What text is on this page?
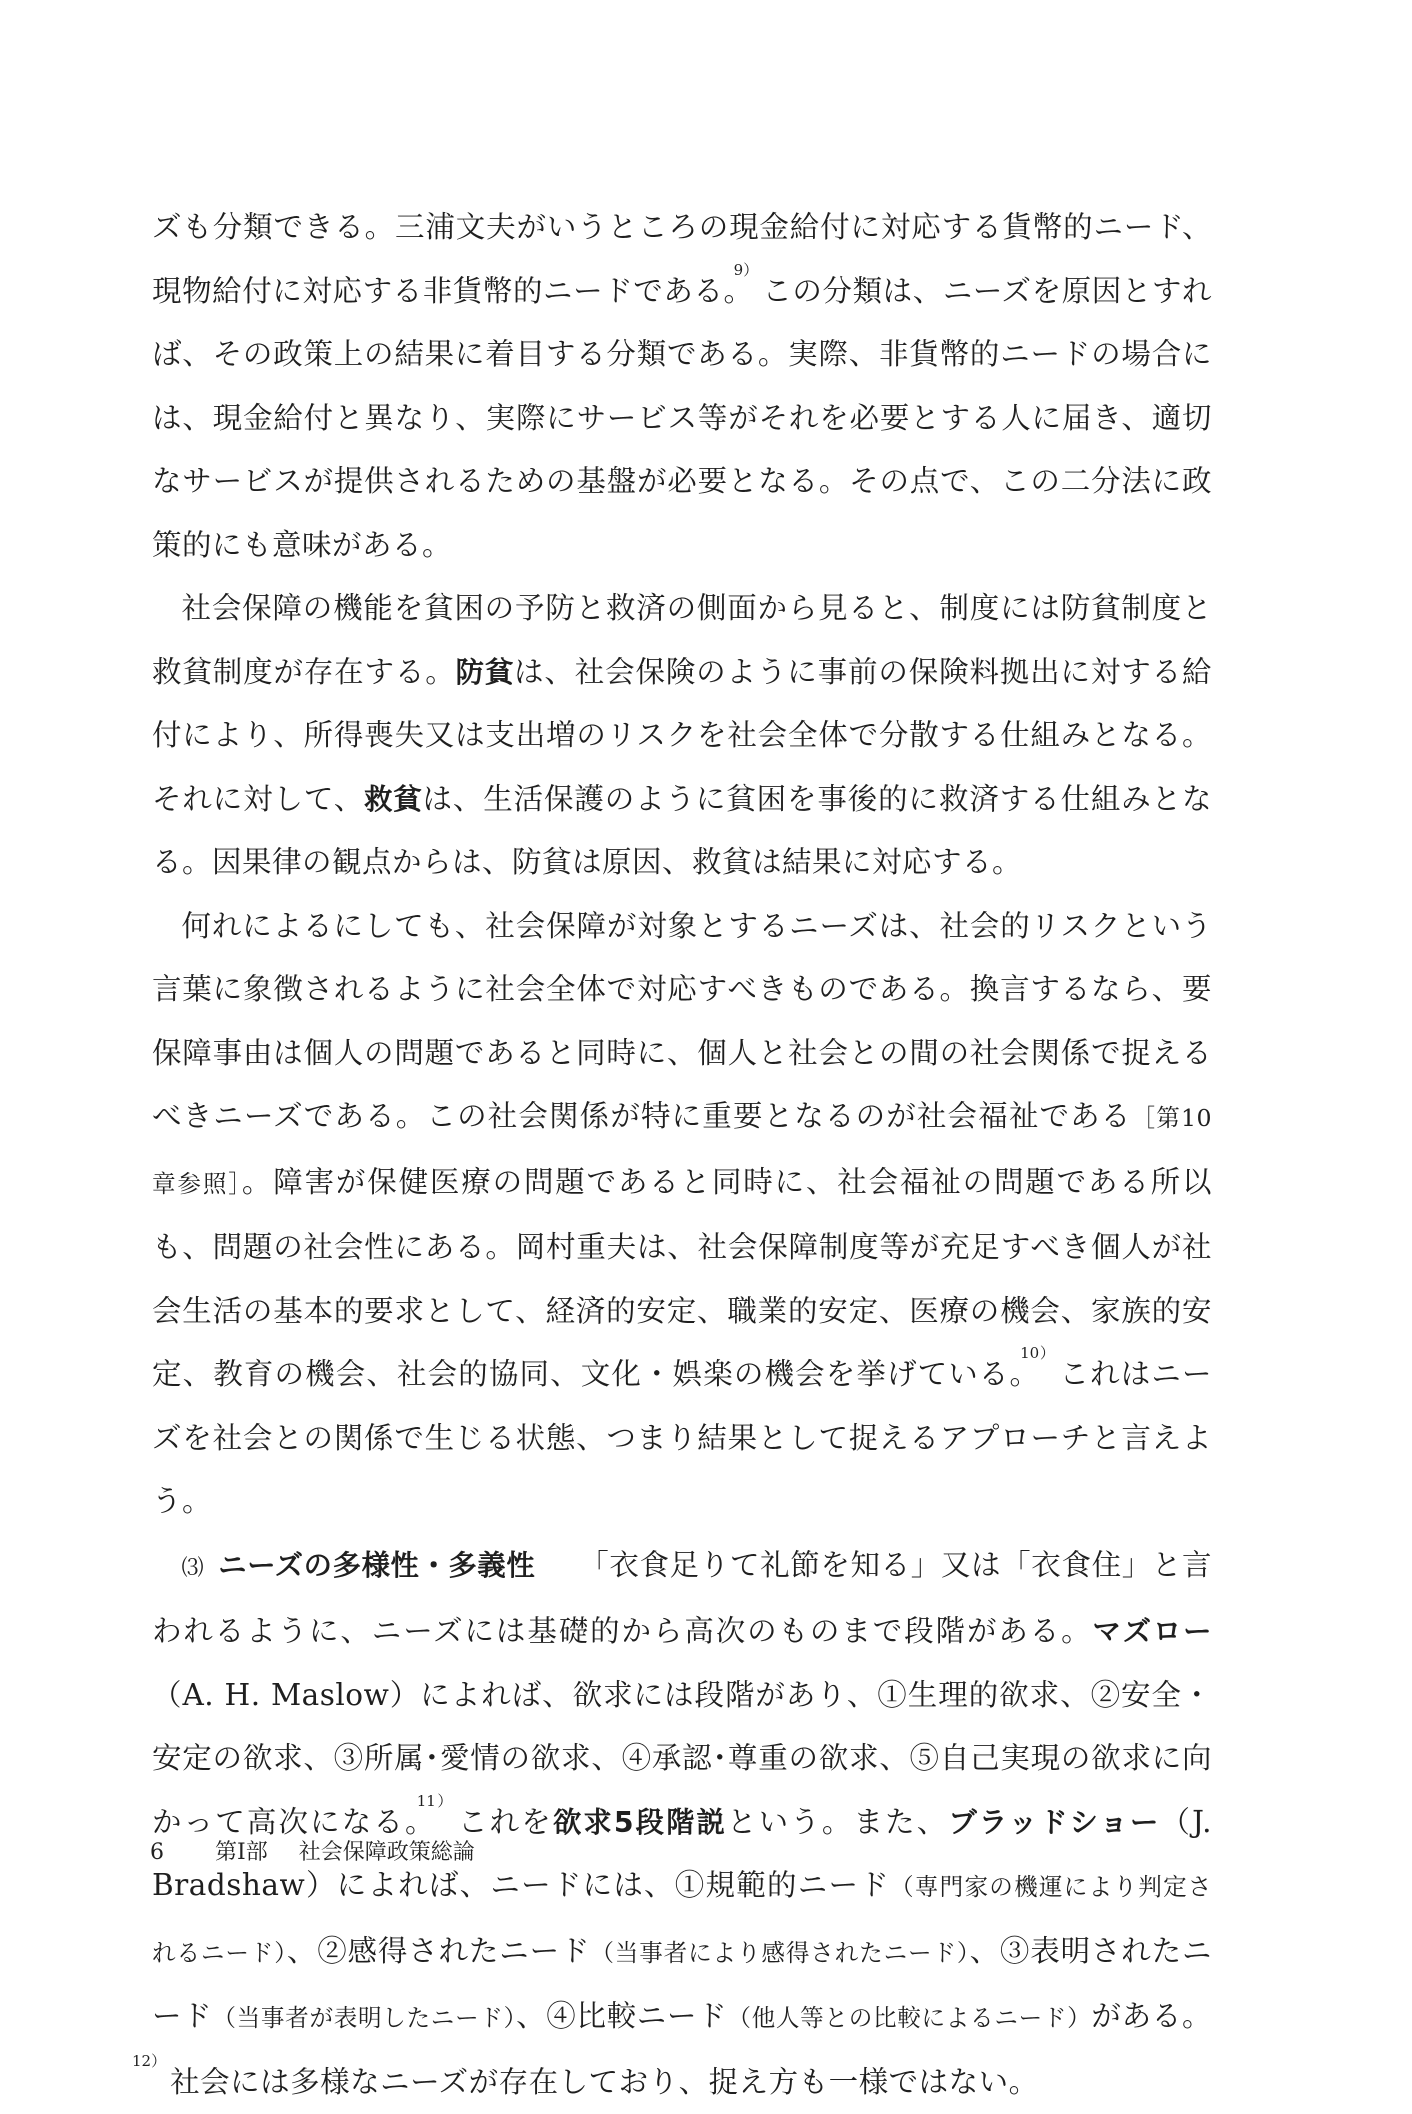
ズも分類できる。三浦文夫がいうところの現金給付に対応する貨幣的ニード、現物給付に対応する非貨幣的ニードである。$^{9)}$この分類は、ニーズを原因とすれば、その政策上の結果に着目する分類である。実際、非貨幣的ニードの場合には、現金給付と異なり、実際にサービス等がそれを必要とする人に届き、適切なサービスが提供されるための基盤が必要となる。その点で、この二分法に政策的にも意味がある。

社会保障の機能を貧困の予防と救済の側面から見ると、制度には防貧制度と救貧制度が存在する。防貧は、社会保険のように事前の保険料拠出に対する給付により、所得喪失又は支出増のリスクを社会全体で分散する仕組みとなる。それに対して、救貧は、生活保護のように貧困を事後的に救済する仕組みとなる。因果律の観点からは、防貧は原因、救貧は結果に対応する。

何れによるにしても、社会保障が対象とするニーズは、社会的リスクという言葉に象徴されるように社会全体で対応すべきものである。換言するなら、要保障事由は個人の問題であると同時に、個人と社会との間の社会関係で捉えるべきニーズである。この社会関係が特に重要となるのが社会福祉である［第10章参照］。障害が保健医療の問題であると同時に、社会福祉の問題である所以も、問題の社会性にある。岡村重夫は、社会保障制度等が充足すべき個人が社会生活の基本的要求として、経済的安定、職業的安定、医療の機会、家族的安定、教育の機会、社会的協同、文化・娯楽の機会を挙げている。$^{10)}$これはニーズを社会との関係で生じる状態、つまり結果として捉えるアプローチと言えよう。

⑶ ニーズの多様性・多義性 「衣食足りて礼節を知る」又は「衣食住」と言われるように、ニーズには基礎的から高次のものまで段階がある。マズロー（A. H. Maslow）によれば、欲求には段階があり、①生理的欲求、②安全・安定の欲求、③所属･愛情の欲求、④承認･尊重の欲求、⑤自己実現の欲求に向かって高次になる。$^{11)}$これを欲求5段階説という。また、ブラッドショー（J. Bradshaw）によれば、ニードには、①規範的ニード（専門家の機運により判定されるニード）、②感得されたニード（当事者により感得されたニード）、③表明されたニード（当事者が表明したニード）、④比較ニード（他人等との比較によるニード）がある。$^{12)}$社会には多様なニーズが存在しており、捉え方も一様ではない。

6 第Ⅰ部 社会保障政策総論
